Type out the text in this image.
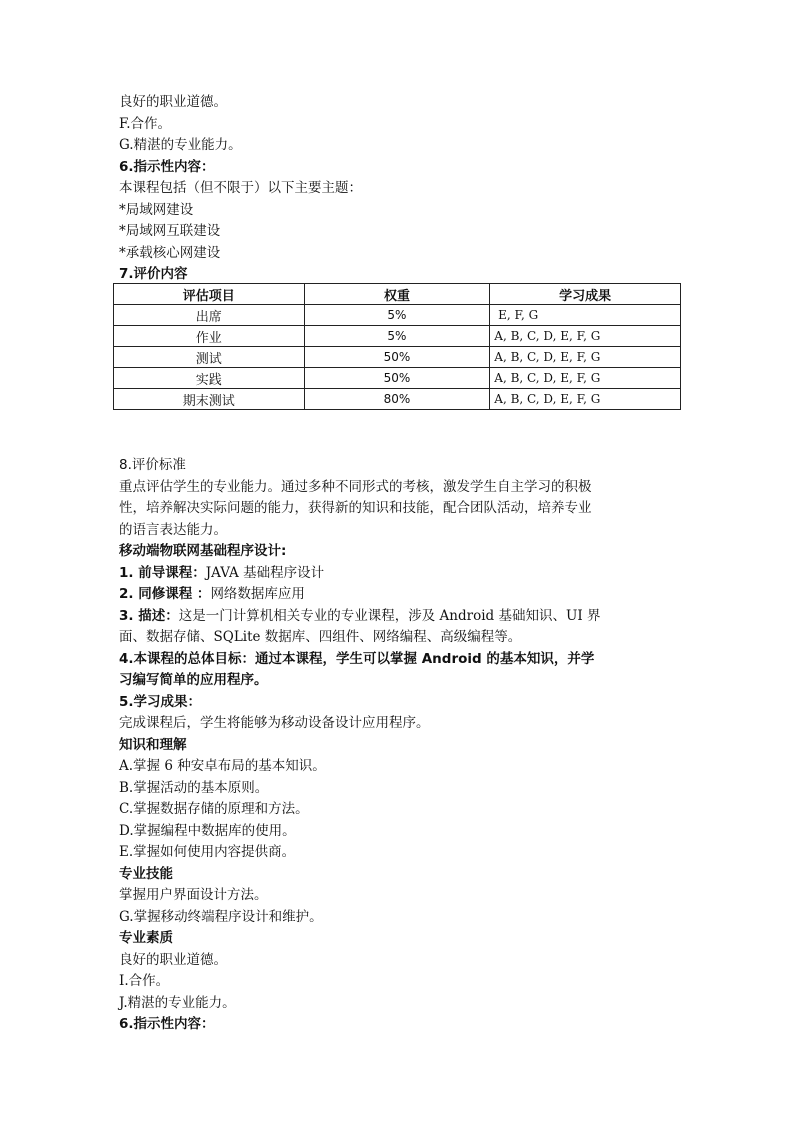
良好的职业道德。
F.合作。
G.精湛的专业能力。
6.指示性内容：
本课程包括（但不限于）以下主要主题：
*局域网建设
*局域网互联建设
*承载核心网建设
7.评价内容
评估项目	权重	学习成果
出席	5%	E, F, G
作业	5%	A, B, C, D, E, F, G
测试	50%	A, B, C, D, E, F, G
实践	50%	A, B, C, D, E, F, G
期末测试	80%	A, B, C, D, E, F, G
8.评价标准
重点评估学生的专业能力。通过多种不同形式的考核，激发学生自主学习的积极
性，培养解决实际问题的能力，获得新的知识和技能，配合团队活动，培养专业
的语言表达能力。
移动端物联网基础程序设计:
1. 前导课程：JAVA 基础程序设计
2. 同修课程 ：网络数据库应用
3. 描述：这是一门计算机相关专业的专业课程，涉及 Android 基础知识、UI 界
面、数据存储、SQLite 数据库、四组件、网络编程、高级编程等。
4.本课程的总体目标：通过本课程，学生可以掌握 Android 的基本知识，并学
习编写简单的应用程序。
5.学习成果：
完成课程后，学生将能够为移动设备设计应用程序。
知识和理解
A.掌握 6 种安卓布局的基本知识。
B.掌握活动的基本原则。
C.掌握数据存储的原理和方法。
D.掌握编程中数据库的使用。
E.掌握如何使用内容提供商。
专业技能
掌握用户界面设计方法。
G.掌握移动终端程序设计和维护。
专业素质
良好的职业道德。
I.合作。
J.精湛的专业能力。
6.指示性内容：
